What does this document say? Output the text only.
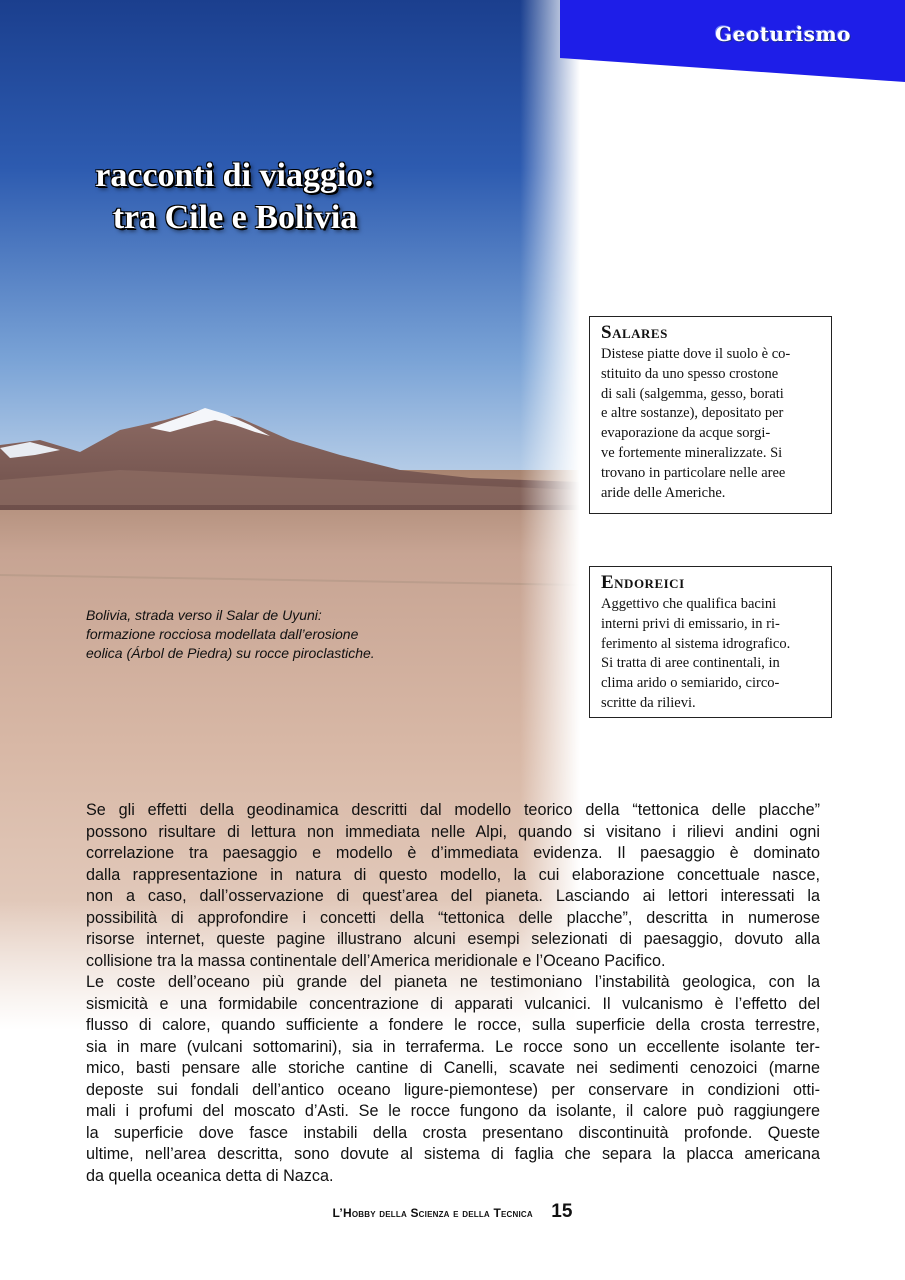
Geoturismo
racconti di viaggio:
tra Cile e Bolivia
Bolivia, strada verso il Salar de Uyuni:
formazione rocciosa modellata dall’erosione
eolica (Árbol de Piedra) su rocce piroclastiche.
Salares
Distese piatte dove il suolo è co-
stituito da uno spesso crostone
di sali (salgemma, gesso, borati
e altre sostanze), depositato per
evaporazione da acque sorgi-
ve fortemente mineralizzate. Si
trovano in particolare nelle aree
aride delle Americhe.
Endoreici
Aggettivo che qualifica bacini
interni privi di emissario, in ri-
ferimento al sistema idrografico.
Si tratta di aree continentali, in
clima arido o semiarido, circo-
scritte da rilievi.
Se gli effetti della geodinamica descritti dal modello teorico della “tettonica delle placche”
possono risultare di lettura non immediata nelle Alpi, quando si visitano i rilievi andini ogni
correlazione tra paesaggio e modello è d’immediata evidenza. Il paesaggio è dominato
dalla rappresentazione in natura di questo modello, la cui elaborazione concettuale nasce,
non a caso, dall’osservazione di quest’area del pianeta. Lasciando ai lettori interessati la
possibilità di approfondire i concetti della “tettonica delle placche”, descritta in numerose
risorse internet, queste pagine illustrano alcuni esempi selezionati di paesaggio, dovuto alla
collisione tra la massa continentale dell’America meridionale e l’Oceano Pacifico.
Le coste dell’oceano più grande del pianeta ne testimoniano l’instabilità geologica, con la
sismicità e una formidabile concentrazione di apparati vulcanici. Il vulcanismo è l’effetto del
flusso di calore, quando sufficiente a fondere le rocce, sulla superficie della crosta terrestre,
sia in mare (vulcani sottomarini), sia in terraferma. Le rocce sono un eccellente isolante ter-
mico, basti pensare alle storiche cantine di Canelli, scavate nei sedimenti cenozoici (marne
deposte sui fondali dell’antico oceano ligure-piemontese) per conservare in condizioni otti-
mali i profumi del moscato d’Asti. Se le rocce fungono da isolante, il calore può raggiungere
la superficie dove fasce instabili della crosta presentano discontinuità profonde. Queste
ultime, nell’area descritta, sono dovute al sistema di faglia che separa la placca americana
da quella oceanica detta di Nazca.
L’Hobby della Scienza e della Tecnica 15
